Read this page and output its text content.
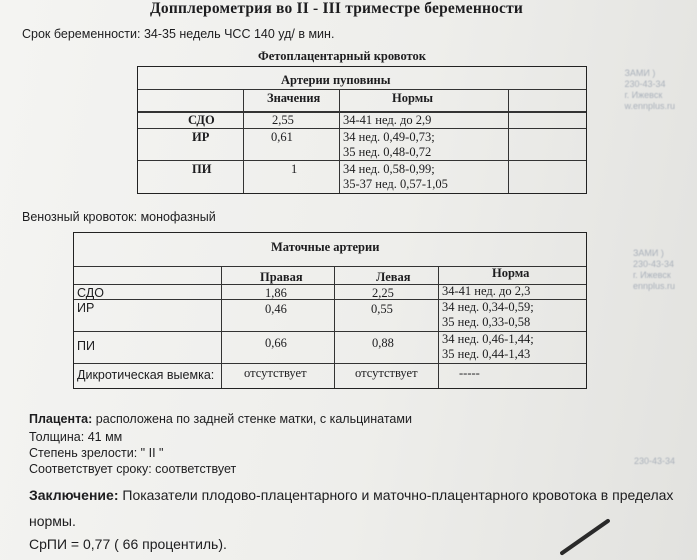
Допплерометрия во II - III триместре беременности
Срок беременности: 34-35 недель ЧСС 140 уд/ в мин.
ЗАМИ )
230-43-34
г. Ижевск
w.ennplus.ru
ЗАМИ )
230-43-34
г. Ижевск
ennplus.ru
230-43-34
Фетоплацентарный кровоток
Артерии пуповины
Значения	Нормы
СДО	2,55	34-41 нед. до 2,9
ИР	0,61	34 нед. 0,49-0,73;
35 нед. 0,48-0,72
ПИ	1	34 нед. 0,58-0,99;
35-37 нед. 0,57-1,05
Венозный кровоток: монофазный
Маточные артерии
Правая	Левая	Норма
СДО	1,86	2,25	34-41 нед. до 2,3
ИР	0,46	0,55	34 нед. 0,34-0,59;
35 нед. 0,33-0,58
ПИ	0,66	0,88	34 нед. 0,46-1,44;
35 нед. 0,44-1,43
Дикротическая выемка: отсутствует	отсутствует	-----
Плацента: расположена по задней стенке матки, с кальцинатами
Толщина: 41 мм
Степень зрелости: " II "
Соответствует сроку: соответствует
Заключение: Показатели плодово-плацентарного и маточно-плацентарного кровотока в пределах
нормы.
СрПИ = 0,77 ( 66 процентиль).
